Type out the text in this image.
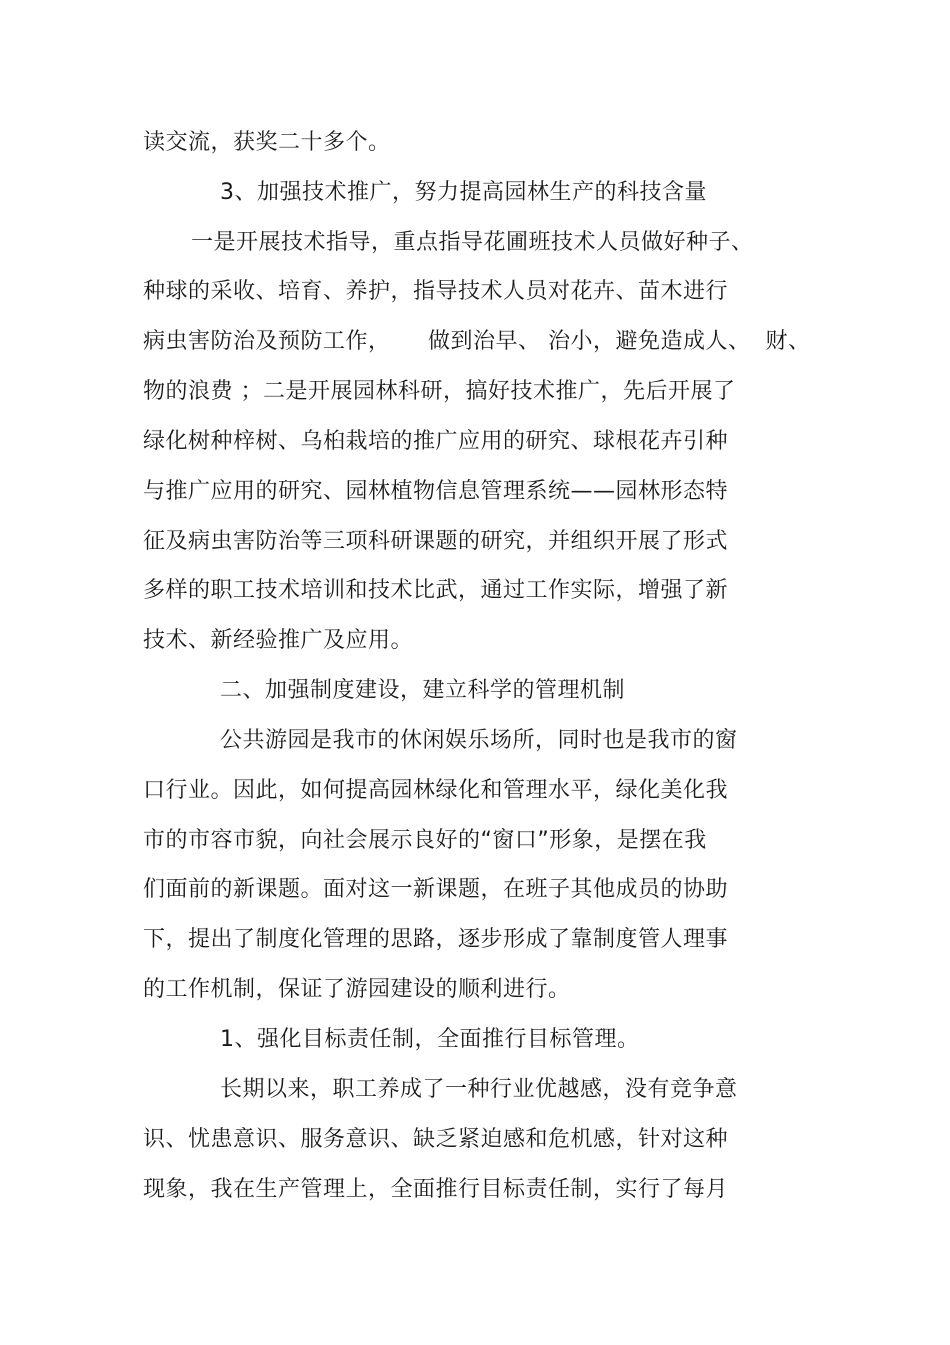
读交流，获奖二十多个。
3、加强技术推广，努力提高园林生产的科技含量
一是开展技术指导，重点指导花圃班技术人员做好种子、
种球的采收、培育、养护，指导技术人员对花卉、苗木进行
病虫害防治及预防工作，     做到治早、 治小，避免造成人、  财、
物的浪费 ；二是开展园林科研，搞好技术推广，先后开展了
绿化树种梓树、乌桕栽培的推广应用的研究、球根花卉引种
与推广应用的研究、园林植物信息管理系统——园林形态特
征及病虫害防治等三项科研课题的研究，并组织开展了形式
多样的职工技术培训和技术比武，通过工作实际，增强了新
技术、新经验推广及应用。
二、加强制度建设，建立科学的管理机制
公共游园是我市的休闲娱乐场所，同时也是我市的窗
口行业。因此，如何提高园林绿化和管理水平，绿化美化我
市的市容市貌，向社会展示良好的“窗口”形象，是摆在我
们面前的新课题。面对这一新课题，在班子其他成员的协助
下，提出了制度化管理的思路，逐步形成了靠制度管人理事
的工作机制，保证了游园建设的顺利进行。
1、强化目标责任制，全面推行目标管理。
长期以来，职工养成了一种行业优越感，没有竞争意
识、忧患意识、服务意识、缺乏紧迫感和危机感，针对这种
现象，我在生产管理上，全面推行目标责任制，实行了每月
